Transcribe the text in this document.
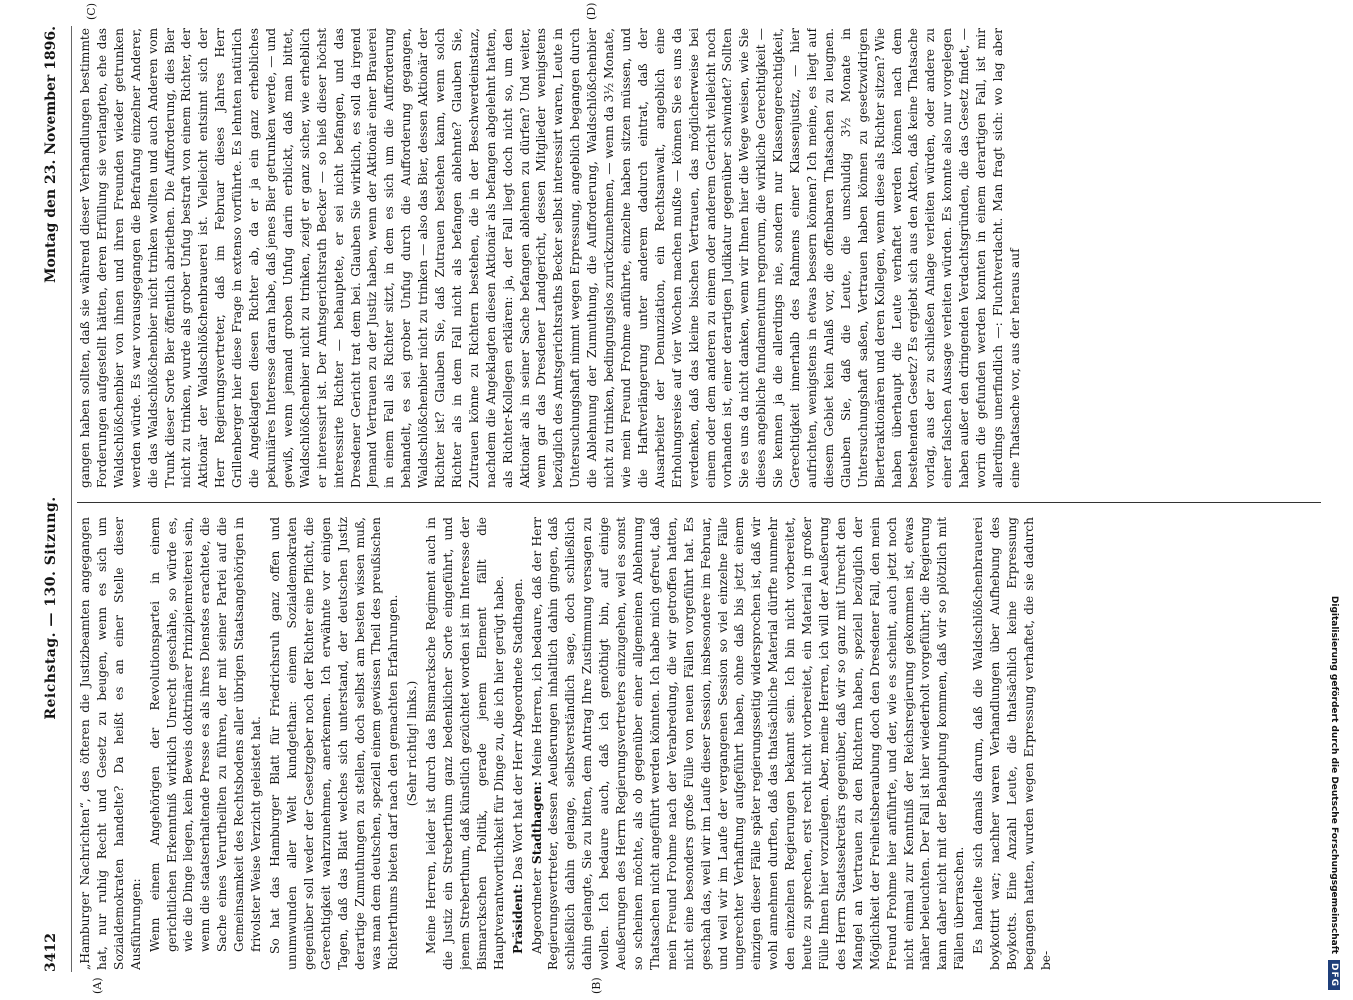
Digitalisierung gefördert durch die Deutsche Forschungsgemeinschaft
DFG
3412
Reichstag. — 130. Sitzung.
Montag den 23. November 1896.
(A)	(B)
(C)	(D)

„Hamburger Nachrichten“, des öfteren die Justizbeamten angegangen hat, nur ruhig Recht und Gesetz zu beugen, wenn es sich um Sozialdemokraten handelte? Da heißt es an einer Stelle dieser Ausführungen: Wenn einem Angehörigen der Revolutionspartei in einem gerichtlichen Erkenntniß wirklich Unrecht geschähe, so würde es, wie die Dinge liegen, kein Beweis doktrinärer Prinzipienreiterei sein, wenn die staatserhaltende Presse es als ihres Dienstes erachtete, die Sache eines Verurtheilten zu führen, der mit seiner Partei auf die Gemeinsamkeit des Rechtsbodens aller übrigen Staatsangehörigen in frivolster Weise Verzicht geleistet hat. So hat das Hamburger Blatt für Friedrichsruh ganz offen und unumwunden aller Welt kundgethan: einem Sozialdemokraten gegenüber soll weder der Gesetzgeber noch der Richter eine Pflicht, die Gerechtigkeit wahrzunehmen, anerkennen. Ich erwähnte vor einigen Tagen, daß das Blatt welches sich unterstand, der deutschen Justiz derartige Zumuthungen zu stellen, doch selbst am besten wissen muß, was man dem deutschen, speziell einem gewissen Theil des preußischen Richterthums bieten darf nach den gemachten Erfahrungen. (Sehr richtig! links.) Meine Herren, leider ist durch das Bismarcksche Regiment auch in die Justiz ein Streberthum ganz bedenklicher Sorte eingeführt, und jenem Streberthum, daß künstlich gezüchtet worden ist im Interesse der Bismarckschen Politik, gerade jenem Element fällt die Hauptverantwortlichkeit für Dinge zu, die ich hier gerügt habe. Präsident: Das Wort hat der Herr Abgeordnete Stadthagen.

Abgeordneter Stadthagen: Meine Herren, ich bedaure, daß der Herr Regierungsvertreter, dessen Aeußerungen inhaltlich dahin gingen, daß schließlich dahin gelange, selbstverständlich sage, doch schließlich dahin gelangte, Sie zu bitten, dem Antrag Ihre Zustimmung versagen zu wollen. Ich bedaure auch, daß ich genöthigt bin, auf einige Aeußerungen des Herrn Regierungsvertreters einzugehen, weil es sonst so scheinen möchte, als ob gegenüber einer allgemeinen Ablehnung Thatsachen nicht angeführt werden könnten. Ich habe mich gefreut, daß mein Freund Frohme nach der Verabredung, die wir getroffen hatten, nicht eine besonders große Fülle von neuen Fällen vorgeführt hat. Es geschah das, weil wir im Laufe dieser Session, insbesondere im Februar, und weil wir im Laufe der vergangenen Session so viel einzelne Fälle ungerechter Verhaftung aufgeführt haben, ohne daß bis jetzt einem einzigen dieser Fälle später regierungsseitig widersprochen ist, daß wir wohl annehmen durften, daß das thatsächliche Material dürfte nunmehr den einzelnen Regierungen bekannt sein. Ich bin nicht vorbereitet, heute zu sprechen, erst recht nicht vorbereitet, ein Material in großer Fülle Ihnen hier vorzulegen. Aber, meine Herren, ich will der Aeußerung des Herrn Staatssekretärs gegenüber, daß wir so ganz mit Unrecht den Mangel an Vertrauen zu den Richtern haben, speziell bezüglich der Möglichkeit der Freiheitsberaubung doch den Dresdener Fall, den mein Freund Frohme hier anführte, und der, wie es scheint, auch jetzt noch nicht einmal zur Kenntniß der Reichsregierung gekommen ist, etwas näher beleuchten. Der Fall ist hier wiederholt vorgeführt; die Regierung kann daher nicht mit der Behauptung kommen, daß wir so plötzlich mit Fällen überraschen. Es handelte sich damals darum, daß die Waldschlößchenbrauerei boykottirt war; nachher waren Verhandlungen über Aufhebung des Boykotts. Eine Anzahl Leute, die thatsächlich keine Erpressung begangen hatten, wurden wegen Erpressung verhaftet, die sie dadurch be-

gangen haben sollten, daß sie während dieser Verhandlungen bestimmte Forderungen aufgestellt hätten, deren Erfüllung sie verlangten, ehe das Waldschlößchenbier von ihnen und ihren Freunden wieder getrunken werden würde. Es war vorausgegangen die Befrafung einzelner Anderer, die das Waldschlößchenbier nicht trinken wollten und auch Anderen vom Trunk dieser Sorte Bier öffentlich abriethen. Die Aufforderung, dies Bier nicht zu trinken, wurde als grober Unfug bestraft von einem Richter, der Aktionär der Waldschlößchenbrauerei ist. Vielleicht entsinnt sich der Herr Regierungsvertreter, daß im Februar dieses Jahres Herr Grillenberger hier diese Frage in extenso vorführte. Es lehnten natürlich die Angeklagten diesen Richter ab, da er ja ein ganz erhebliches pekuniäres Interesse daran habe, daß jenes Bier getrunken werde, — und gewiß, wenn jemand groben Unfug darin erblickt, daß man bittet, Waldschlößchenbier nicht zu trinken, zeigt er ganz sicher, wie erheblich er interessirt ist. Der Amtsgerichtsrath Becker — so hieß dieser höchst interessirte Richter — behauptete, er sei nicht befangen, und das Dresdener Gericht trat dem bei. Glauben Sie wirklich, es soll da irgend Jemand Vertrauen zu der Justiz haben, wenn der Aktionär einer Brauerei in einem Fall als Richter sitzt, in dem es sich um die Aufforderung behandelt, es sei grober Unfug durch die Aufforderung gegangen, Waldschlößchenbier nicht zu trinken — also das Bier, dessen Aktionär der Richter ist? Glauben Sie, daß Zutrauen bestehen kann, wenn solch Richter als in dem Fall nicht als befangen ablehnte? Glauben Sie, Zutrauen könne zu Richtern bestehen, die in der Beschwerdeinstanz, nachdem die Angeklagten diesen Aktionär als befangen abgelehnt hatten, als Richter-Kollegen erklären: ja, der Fall liegt doch nicht so, um den Aktionär als in seiner Sache befangen ablehnen zu dürfen? Und weiter, wenn gar das Dresdener Landgericht, dessen Mitglieder wenigstens bezüglich des Amtsgerichtsraths Becker selbst interessirt waren, Leute in Untersuchungshaft nimmt wegen Erpressung, angeblich begangen durch die Ablehnung der Zumuthung, die Aufforderung, Waldschlößchenbier nicht zu trinken, bedingungslos zurückzunehmen, — wenn da 3½ Monate, wie mein Freund Frohme anführte, einzelne haben sitzen müssen, und die Haftverlängerung unter anderem dadurch eintrat, daß der Ausarbeiter der Denunziation, ein Rechtsanwalt, angeblich eine Erholungsreise auf vier Wochen machen mußte — können Sie es uns da verdenken, daß das kleine bischen Vertrauen, das möglicherweise bei einem oder dem anderen zu einem oder anderem Gericht vielleicht noch vorhanden ist, einer derartigen Judikatur gegenüber schwindet? Sollten Sie es uns da nicht danken, wenn wir Ihnen hier die Wege weisen, wie Sie dieses angebliche fundamentum regnorum, die wirkliche Gerechtigkeit — Sie kennen ja die allerdings nie, sondern nur Klassengerechtigkeit, Gerechtigkeit innerhalb des Rahmens einer Klassenjustiz, — hier aufrichten, wenigstens in etwas bessern können? Ich meine, es liegt auf diesem Gebiet kein Anlaß vor, die offenbaren Thatsachen zu leugnen. Glauben Sie, daß die Leute, die unschuldig 3½ Monate in Untersuchungshaft saßen, Vertrauen haben können zu gesetzwidrigen Bierteraktionären und deren Kollegen, wenn diese als Richter sitzen? Wie haben überhaupt die Leute verhaftet werden können nach dem bestehenden Gesetz? Es ergiebt sich aus den Akten, daß keine Thatsache vorlag, aus der zu schließen Anlage verleiten würden, oder andere zu einer falschen Aussage verleiten würden. Es konnte also nur vorgelegen haben außer den dringenden Verdachtsgründen, die das Gesetz findet, — worin die gefunden werden konnten in einem derartigen Fall, ist mir allerdings unerfindlich —: Fluchtverdacht. Man fragt sich: wo lag aber eine Thatsache vor, aus der heraus auf
